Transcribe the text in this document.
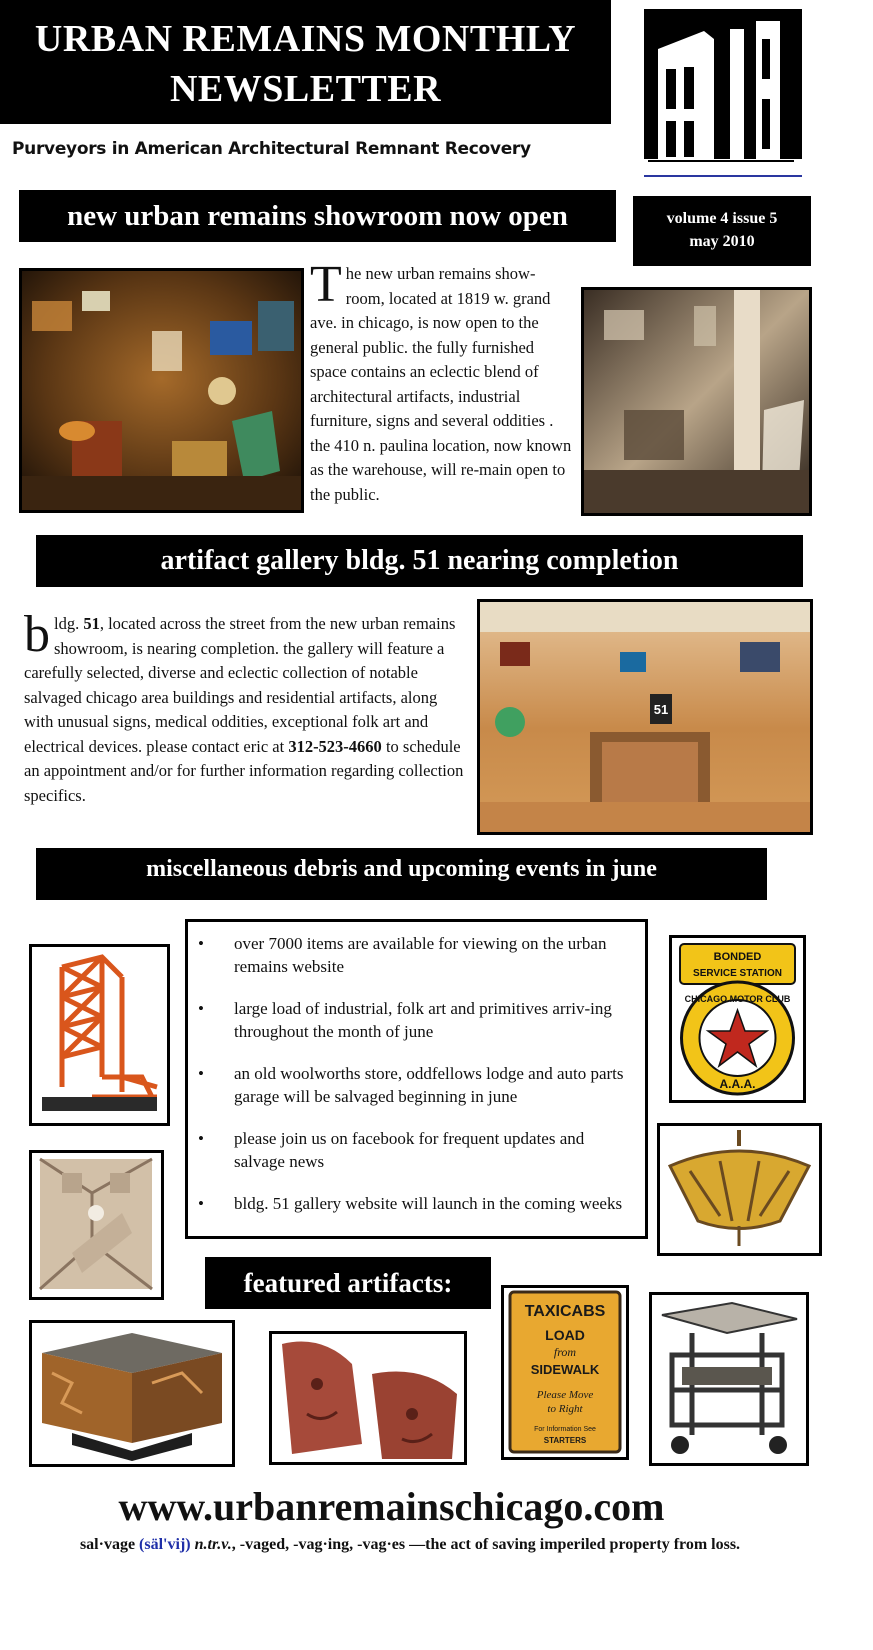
URBAN REMAINS MONTHLY
NEWSLETTER
Purveyors in American Architectural Remnant Recovery
new urban remains showroom now open	volume 4 issue 5
may 2010
The new urban remains show-room, located at 1819 w. grand ave. in chicago, is now open to the general public. the fully furnished space contains an eclectic blend of architectural artifacts, industrial furniture, signs and several oddities . the 410 n. paulina location, now known as the warehouse, will re-main open to the public.
artifact gallery bldg. 51 nearing completion
bldg. 51, located across the street from the new urban remains showroom, is nearing completion. the gallery will feature a carefully selected, diverse and eclectic collection of notable salvaged chicago area buildings and residential artifacts, along with unusual signs, medical oddities, exceptional folk art and electrical devices. please contact eric at 312-523-4660 to schedule an appointment and/or for further information regarding collection specifics.
51
miscellaneous debris and upcoming events in june
• over 7000 items are available for viewing on the urban remains website
• large load of industrial, folk art and primitives arriv-ing throughout the month of june
• an old woolworths store, oddfellows lodge and auto parts garage will be salvaged beginning in june
• please join us on facebook for frequent updates and salvage news
• bldg. 51 gallery website will launch in the coming weeks
BONDED
SERVICE STATION
CHICAGO MOTOR CLUB
A.A.A.
featured artifacts:
TAXICABS
LOAD
from
SIDEWALK
Please Move
to Right
For Information See
STARTERS
www.urbanremainschicago.com
sal·vage (säl'vij) n.tr.v., -vaged, -vag·ing, -vag·es —the act of saving imperiled property from loss.
